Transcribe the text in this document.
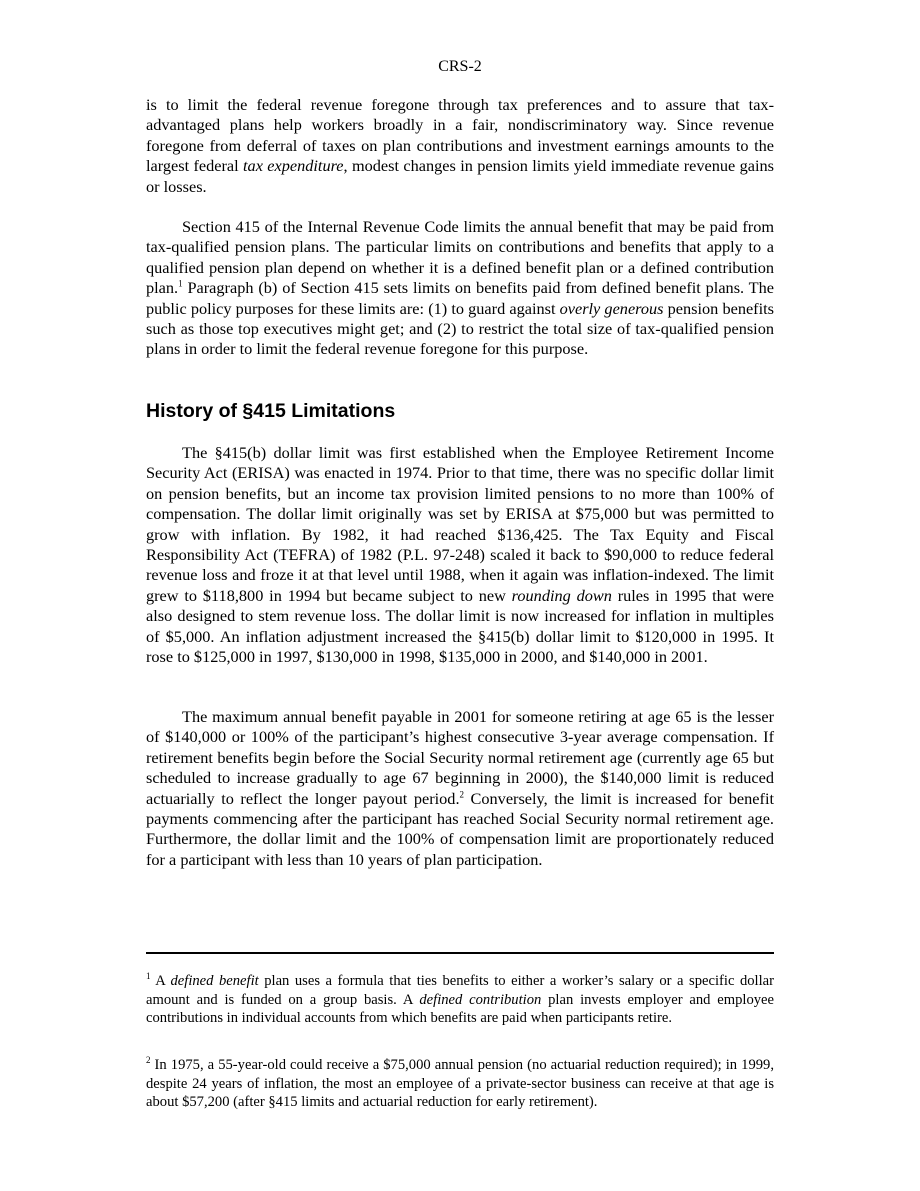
CRS-2

is to limit the federal revenue foregone through tax preferences and to assure that tax-advantaged plans help workers broadly in a fair, nondiscriminatory way. Since revenue foregone from deferral of taxes on plan contributions and investment earnings amounts to the largest federal tax expenditure, modest changes in pension limits yield immediate revenue gains or losses.

Section 415 of the Internal Revenue Code limits the annual benefit that may be paid from tax-qualified pension plans. The particular limits on contributions and benefits that apply to a qualified pension plan depend on whether it is a defined benefit plan or a defined contribution plan.$^1$ Paragraph (b) of Section 415 sets limits on benefits paid from defined benefit plans. The public policy purposes for these limits are: (1) to guard against overly generous pension benefits such as those top executives might get; and (2) to restrict the total size of tax-qualified pension plans in order to limit the federal revenue foregone for this purpose.

History of §415 Limitations

The §415(b) dollar limit was first established when the Employee Retirement Income Security Act (ERISA) was enacted in 1974. Prior to that time, there was no specific dollar limit on pension benefits, but an income tax provision limited pensions to no more than 100% of compensation. The dollar limit originally was set by ERISA at $75,000 but was permitted to grow with inflation. By 1982, it had reached $136,425. The Tax Equity and Fiscal Responsibility Act (TEFRA) of 1982 (P.L. 97-248) scaled it back to $90,000 to reduce federal revenue loss and froze it at that level until 1988, when it again was inflation-indexed. The limit grew to $118,800 in 1994 but became subject to new rounding down rules in 1995 that were also designed to stem revenue loss. The dollar limit is now increased for inflation in multiples of $5,000. An inflation adjustment increased the §415(b) dollar limit to $120,000 in 1995. It rose to $125,000 in 1997, $130,000 in 1998, $135,000 in 2000, and $140,000 in 2001.

The maximum annual benefit payable in 2001 for someone retiring at age 65 is the lesser of $140,000 or 100% of the participant’s highest consecutive 3-year average compensation. If retirement benefits begin before the Social Security normal retirement age (currently age 65 but scheduled to increase gradually to age 67 beginning in 2000), the $140,000 limit is reduced actuarially to reflect the longer payout period.$^2$ Conversely, the limit is increased for benefit payments commencing after the participant has reached Social Security normal retirement age. Furthermore, the dollar limit and the 100% of compensation limit are proportionately reduced for a participant with less than 10 years of plan participation.

$^1$ A defined benefit plan uses a formula that ties benefits to either a worker’s salary or a specific dollar amount and is funded on a group basis. A defined contribution plan invests employer and employee contributions in individual accounts from which benefits are paid when participants retire.

$^2$ In 1975, a 55-year-old could receive a $75,000 annual pension (no actuarial reduction required); in 1999, despite 24 years of inflation, the most an employee of a private-sector business can receive at that age is about $57,200 (after §415 limits and actuarial reduction for early retirement).
